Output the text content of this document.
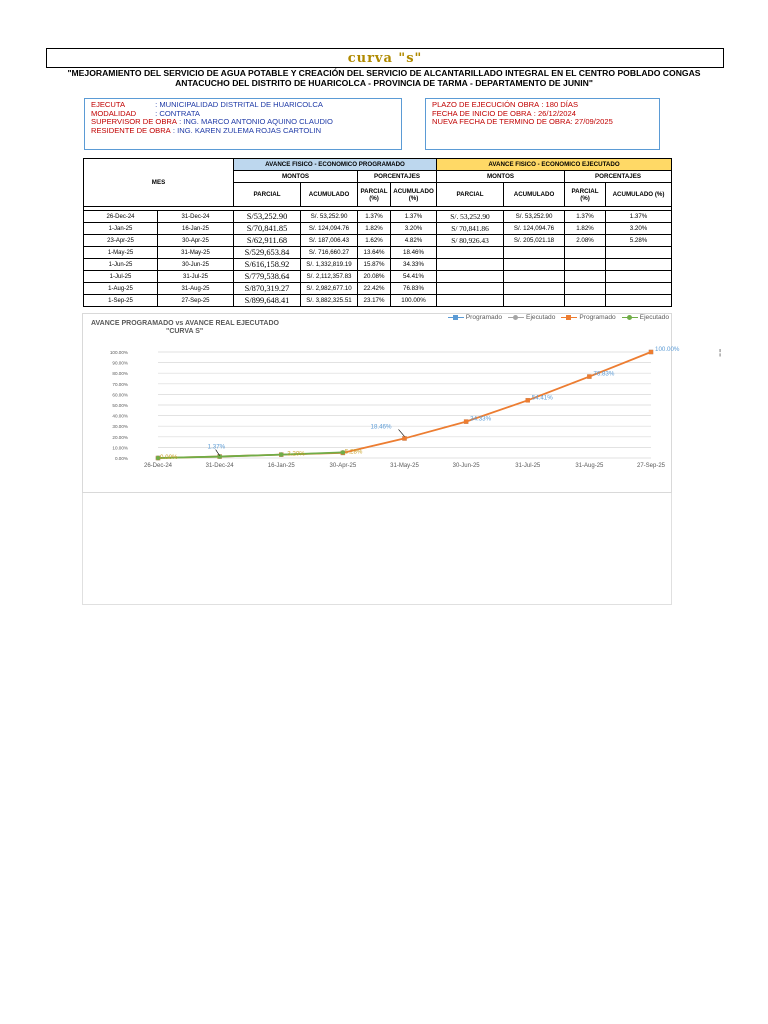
curva "s"
"MEJORAMIENTO DEL SERVICIO DE AGUA POTABLE Y CREACIÓN DEL SERVICIO DE ALCANTARILLADO INTEGRAL EN EL CENTRO POBLADO CONGAS
ANTACUCHO DEL DISTRITO DE HUARICOLCA - PROVINCIA DE TARMA - DEPARTAMENTO DE JUNIN"
EJECUTA	: MUNICIPALIDAD DISTRITAL DE HUARICOLCA
MODALIDAD : CONTRATA
SUPERVISOR DE OBRA : ING. MARCO ANTONIO AQUINO CLAUDIO
RESIDENTE DE OBRA : ING. KAREN ZULEMA ROJAS CARTOLIN
PLAZO DE EJECUCIÓN OBRA : 180 DÍAS
FECHA DE INICIO DE OBRA : 26/12/2024
NUEVA FECHA DE TERMINO DE OBRA: 27/09/2025
MES		AVANCE FISICO - ECONOMICO PROGRAMADO				AVANCE FISICO - ECONOMICO EJECUTADO			
		MONTOS		PORCENTAJES		MONTOS		PORCENTAJES	
		PARCIAL	ACUMULADO	PARCIAL (%)	ACUMULADO (%)	PARCIAL	ACUMULADO	PARCIAL (%)	ACUMULADO (%)

26-Dec-24	31-Dec-24	S/53,252.90	S/. 53,252.90	1.37%	1.37%	S/. 53,252.90	S/. 53,252.90	1.37%	1.37%
1-Jan-25	16-Jan-25	S/70,841.85	S/. 124,094.76	1.82%	3.20%	S/ 70,841.86	S/. 124,094.76	1.82%	3.20%
23-Apr-25	30-Apr-25	S/62,911.68	S/. 187,006.43	1.62%	4.82%	S/ 80,926.43	S/. 205,021.18	2.08%	5.28%
1-May-25	31-May-25	S/529,653.84	S/. 716,660.27	13.64%	18.46%				
1-Jun-25	30-Jun-25	S/616,158.92	S/. 1,332,819.19	15.87%	34.33%				
1-Jul-25	31-Jul-25	S/779,538.64	S/. 2,112,357.83	20.08%	54.41%				
1-Aug-25	31-Aug-25	S/870,319.27	S/. 2,982,677.10	22.42%	76.83%				
1-Sep-25	27-Sep-25	S/899,648.41	S/. 3,882,325.51	23.17%	100.00%				
AVANCE PROGRAMADO vs AVANCE REAL EJECUTADO
"CURVA S"
Programado	Ejecutado	Programado	Ejecutado
100.00%
90.00%
80.00%
70.00%
60.00%
50.00%
40.00%
30.00%
20.00%
10.00%
0.00%
26-Dec-24	31-Dec-24	16-Jan-25	30-Apr-25	31-May-25	30-Jun-25	31-Jul-25	31-Aug-25	27-Sep-25
1.37%
18.46%
34.33%
54.41%
76.83%
100.00%
0.00%	3.20%	5.28%
¦
